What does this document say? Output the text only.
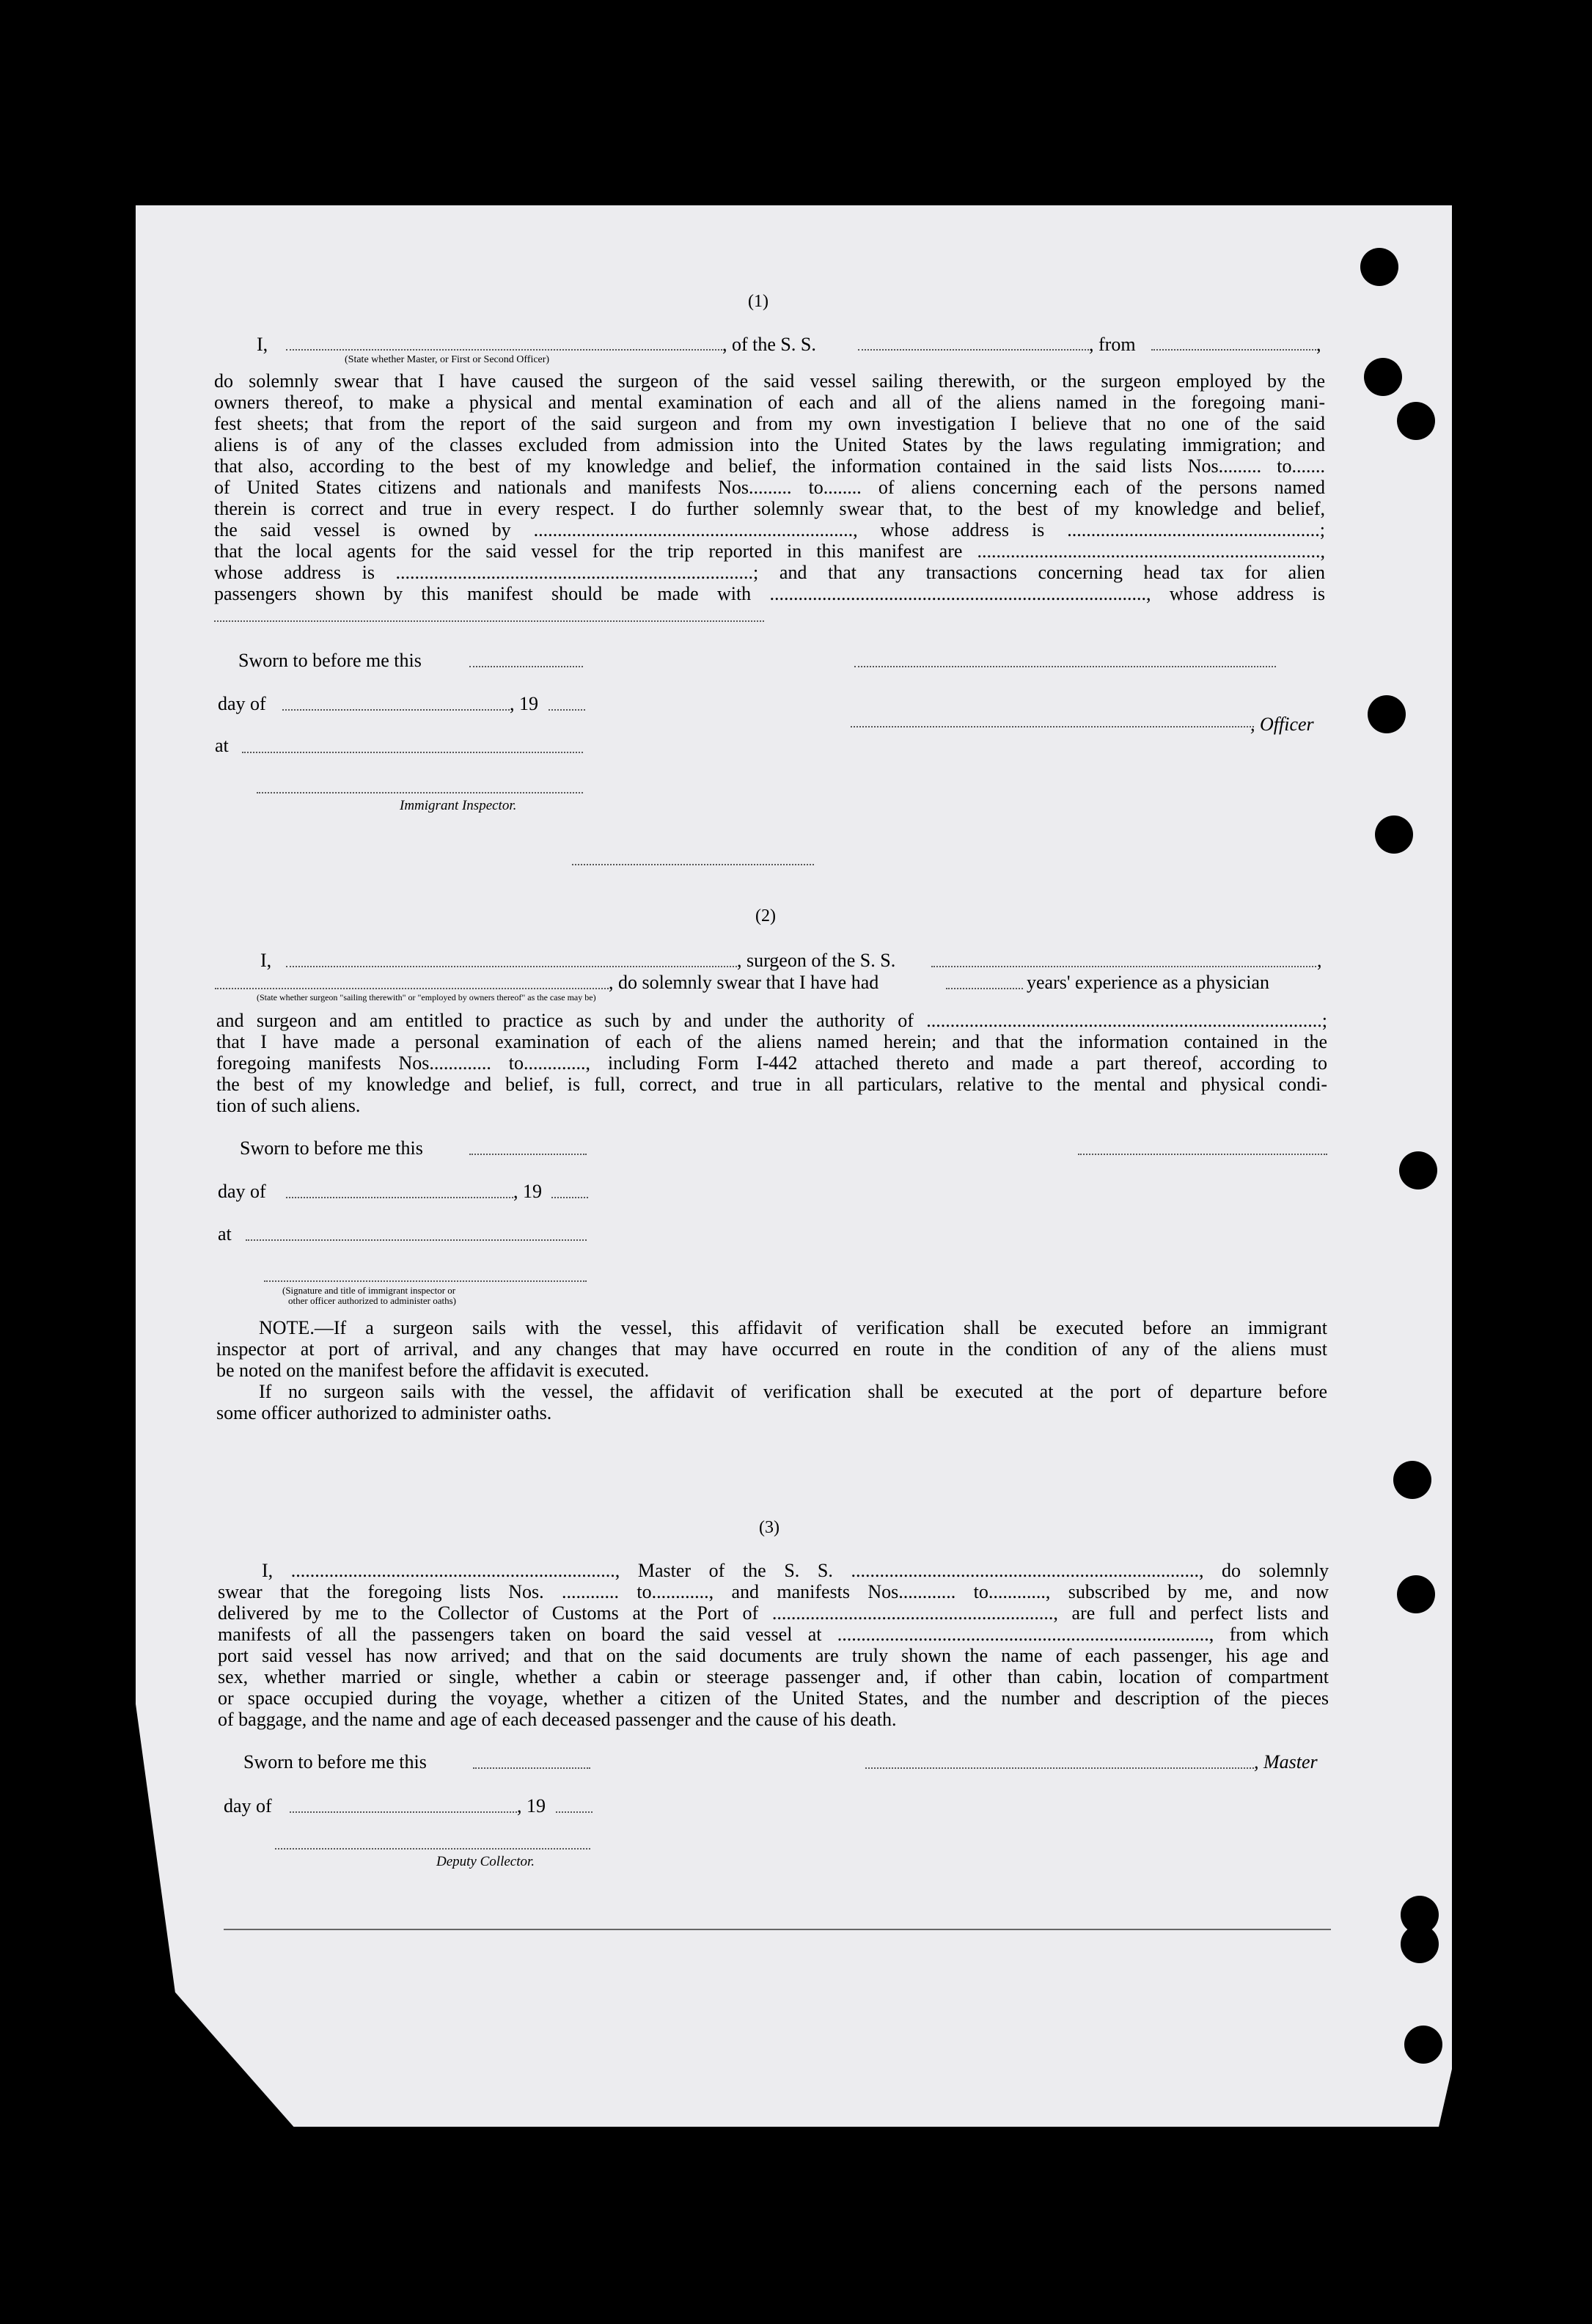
(1)
I,	, of the S. S.	, from	,
(State whether Master, or First or Second Officer)
do solemnly swear that I have caused the surgeon of the said vessel sailing therewith, or the surgeon employed by the
owners thereof, to make a physical and mental examination of each and all of the aliens named in the foregoing mani-
fest sheets; that from the report of the said surgeon and from my own investigation I believe that no one of the said
aliens is of any of the classes excluded from admission into the United States by the laws regulating immigration; and
that also, according to the best of my knowledge and belief, the information contained in the said lists Nos......... to.......
of United States citizens and nationals and manifests Nos......... to........ of aliens concerning each of the persons named
therein is correct and true in every respect. I do further solemnly swear that, to the best of my knowledge and belief,
the said vessel is owned by ..................................................................., whose address is .....................................................;
that the local agents for the said vessel for the trip reported in this manifest are ........................................................................,
whose address is ...........................................................................; and that any transactions concerning head tax for alien
passengers shown by this manifest should be made with ..............................................................................., whose address is
Sworn to before me this
day of	, 19
, Officer
at
Immigrant Inspector.
(2)
I,	, surgeon of the S. S.	,
, do solemnly swear that I have had	years' experience as a physician
(State whether surgeon "sailing therewith" or "employed by owners thereof" as the case may be)
and surgeon and am entitled to practice as such by and under the authority of ...................................................................................;
that I have made a personal examination of each of the aliens named herein; and that the information contained in the
foregoing manifests Nos............. to............., including Form I-442 attached thereto and made a part thereof, according to
the best of my knowledge and belief, is full, correct, and true in all particulars, relative to the mental and physical condi-
tion of such aliens.
Sworn to before me this
day of	, 19
at
(Signature and title of immigrant inspector or
other officer authorized to administer oaths)
NOTE.—If a surgeon sails with the vessel, this affidavit of verification shall be executed before an immigrant
inspector at port of arrival, and any changes that may have occurred en route in the condition of any of the aliens must
be noted on the manifest before the affidavit is executed.
If no surgeon sails with the vessel, the affidavit of verification shall be executed at the port of departure before
some officer authorized to administer oaths.
(3)
I, ...................................................................., Master of the S. S. ........................................................................., do solemnly
swear that the foregoing lists Nos. ............ to............, and manifests Nos............ to............, subscribed by me, and now
delivered by me to the Collector of Customs at the Port of ..........................................................., are full and perfect lists and
manifests of all the passengers taken on board the said vessel at .............................................................................., from which
port said vessel has now arrived; and that on the said documents are truly shown the name of each passenger, his age and
sex, whether married or single, whether a cabin or steerage passenger and, if other than cabin, location of compartment
or space occupied during the voyage, whether a citizen of the United States, and the number and description of the pieces
of baggage, and the name and age of each deceased passenger and the cause of his death.
Sworn to before me this	, Master
day of	, 19
Deputy Collector.
